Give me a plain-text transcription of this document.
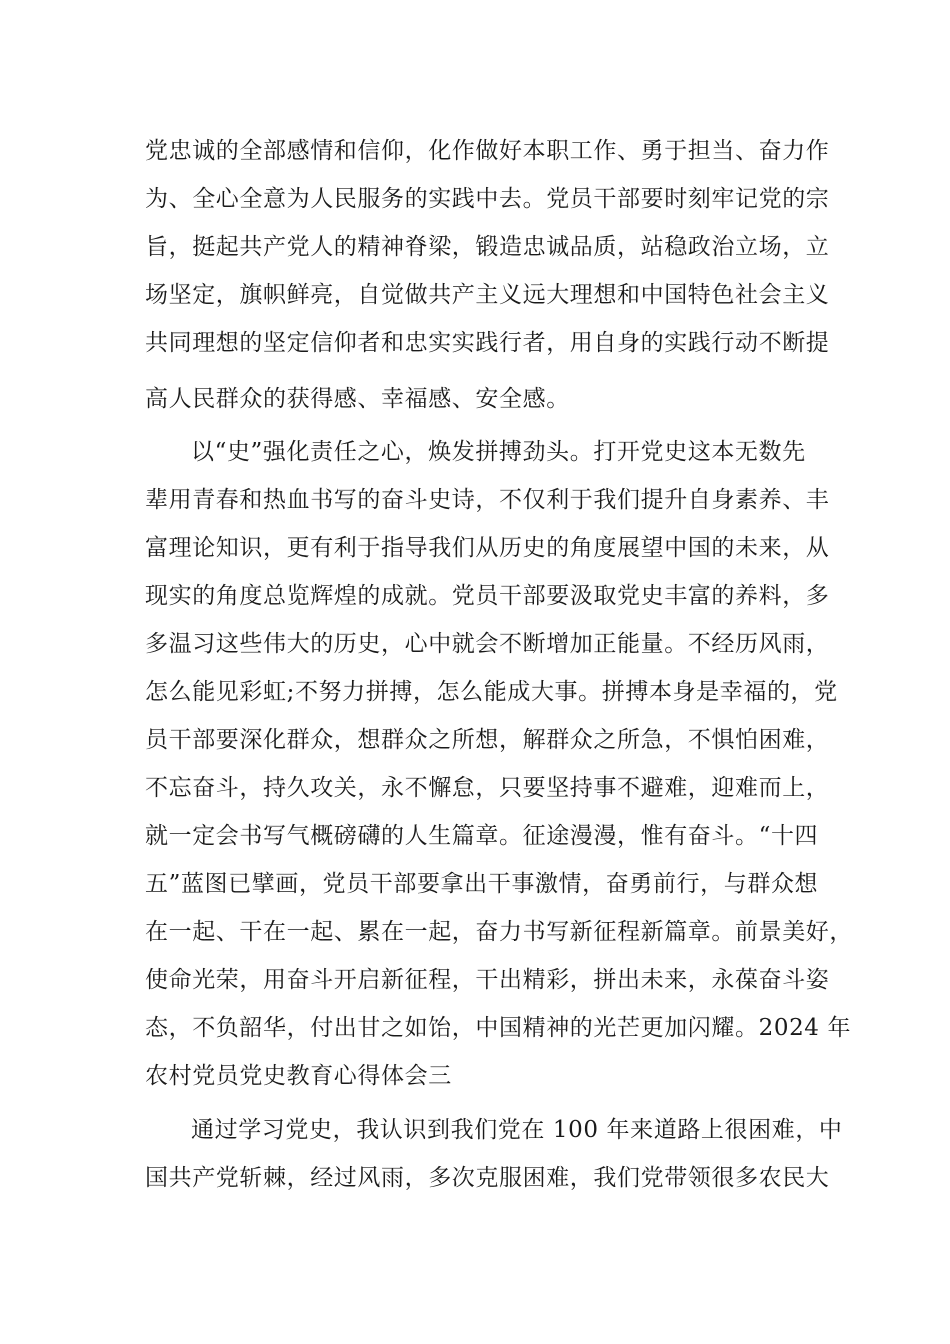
党忠诚的全部感情和信仰，化作做好本职工作、勇于担当、奋力作
为、全心全意为人民服务的实践中去。党员干部要时刻牢记党的宗
旨，挺起共产党人的精神脊梁，锻造忠诚品质，站稳政治立场，立
场坚定，旗帜鲜亮，自觉做共产主义远大理想和中国特色社会主义
共同理想的坚定信仰者和忠实实践行者，用自身的实践行动不断提
高人民群众的获得感、幸福感、安全感。
以“史”强化责任之心，焕发拼搏劲头。打开党史这本无数先
辈用青春和热血书写的奋斗史诗，不仅利于我们提升自身素养、丰
富理论知识，更有利于指导我们从历史的角度展望中国的未来，从
现实的角度总览辉煌的成就。党员干部要汲取党史丰富的养料，多
多温习这些伟大的历史，心中就会不断增加正能量。不经历风雨，
怎么能见彩虹;不努力拼搏，怎么能成大事。拼搏本身是幸福的，党
员干部要深化群众，想群众之所想，解群众之所急，不惧怕困难，
不忘奋斗，持久攻关，永不懈怠，只要坚持事不避难，迎难而上，
就一定会书写气概磅礴的人生篇章。征途漫漫，惟有奋斗。“十四
五”蓝图已擘画，党员干部要拿出干事激情，奋勇前行，与群众想
在一起、干在一起、累在一起，奋力书写新征程新篇章。前景美好，
使命光荣，用奋斗开启新征程，干出精彩，拼出未来，永葆奋斗姿
态，不负韶华，付出甘之如饴，中国精神的光芒更加闪耀。2024 年
农村党员党史教育心得体会三
通过学习党史，我认识到我们党在 100 年来道路上很困难，中
国共产党斩棘，经过风雨，多次克服困难，我们党带领很多农民大
